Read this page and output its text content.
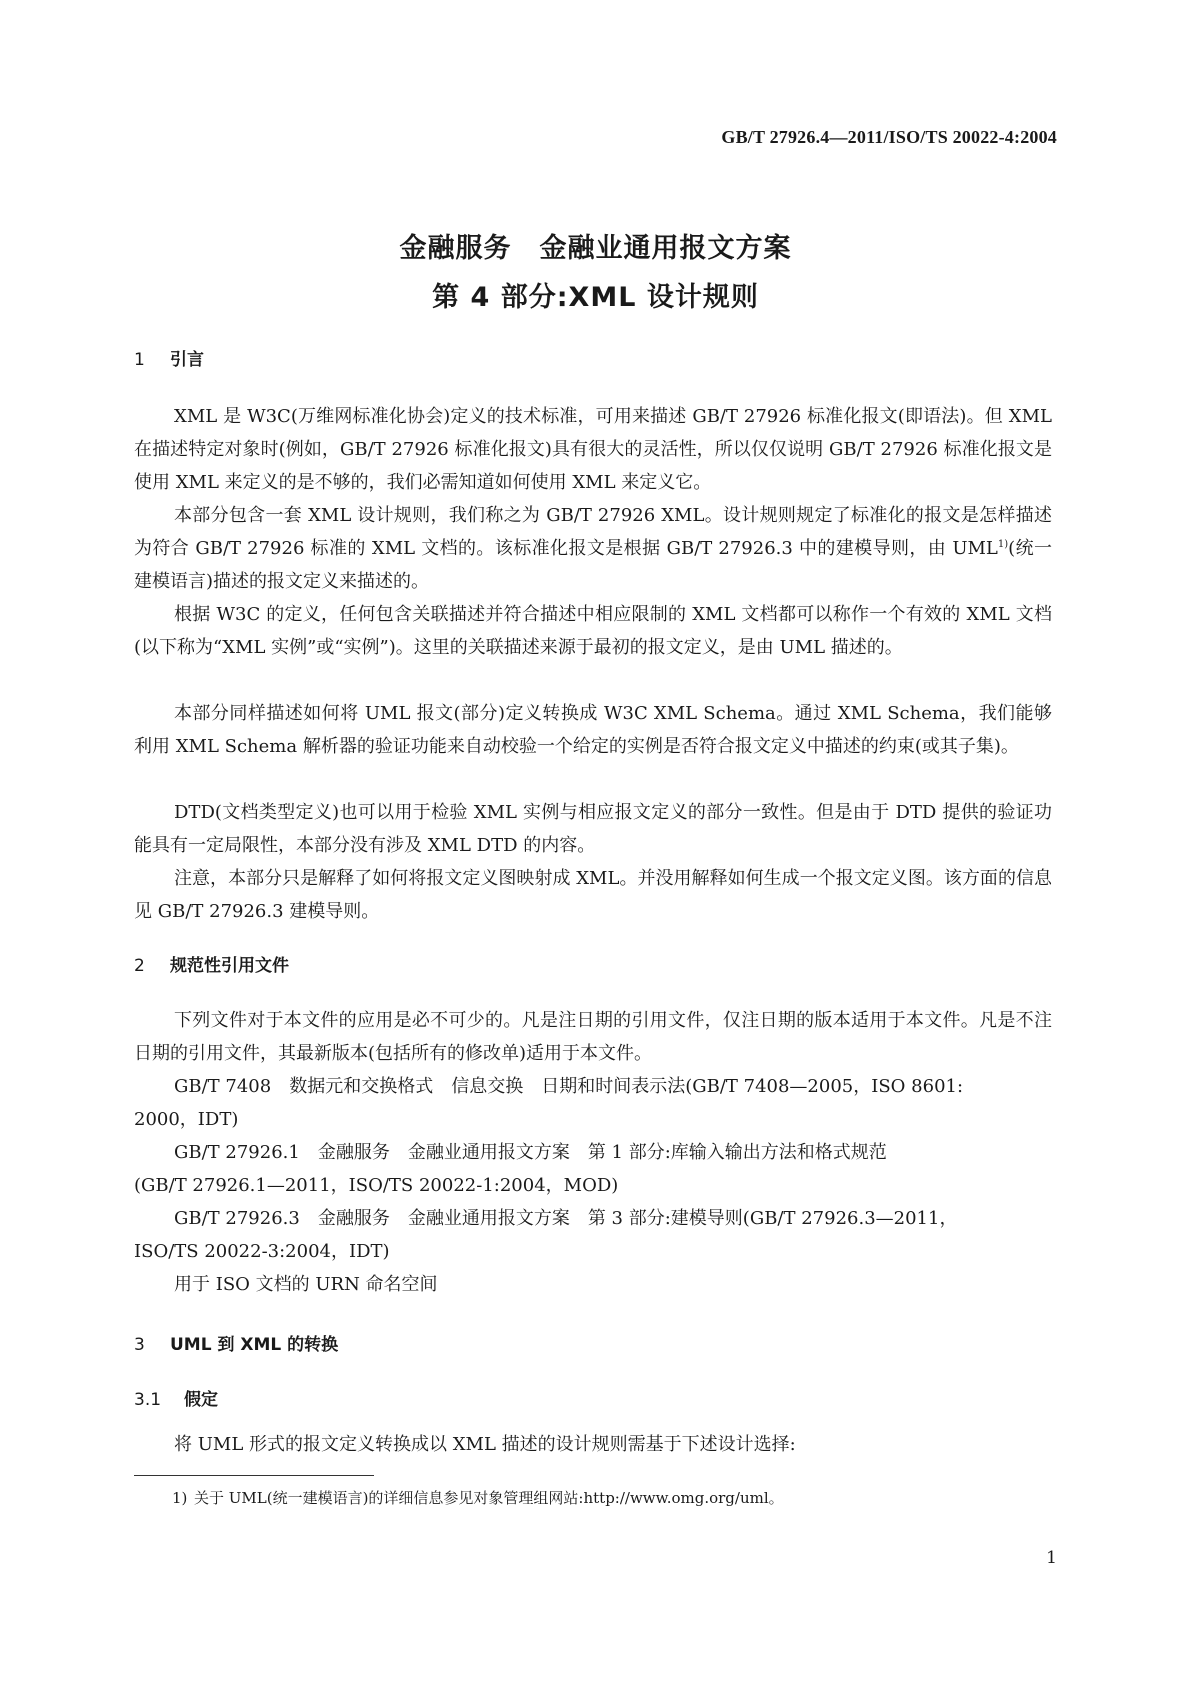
GB/T 27926.4—2011/ISO/TS 20022-4:2004
金融服务　金融业通用报文方案
第 4 部分:XML 设计规则
1 引言
XML 是 W3C(万维网标准化协会)定义的技术标准，可用来描述 GB/T 27926 标准化报文(即语法)。但 XML 在描述特定对象时(例如，GB/T 27926 标准化报文)具有很大的灵活性，所以仅仅说明 GB/T 27926 标准化报文是使用 XML 来定义的是不够的，我们必需知道如何使用 XML 来定义它。
本部分包含一套 XML 设计规则，我们称之为 GB/T 27926 XML。设计规则规定了标准化的报文是怎样描述为符合 GB/T 27926 标准的 XML 文档的。该标准化报文是根据 GB/T 27926.3 中的建模导则，由 UML$^{1)}$(统一建模语言)描述的报文定义来描述的。
根据 W3C 的定义，任何包含关联描述并符合描述中相应限制的 XML 文档都可以称作一个有效的 XML 文档(以下称为“XML 实例”或“实例”)。这里的关联描述来源于最初的报文定义，是由 UML 描述的。
本部分同样描述如何将 UML 报文(部分)定义转换成 W3C XML Schema。通过 XML Schema，我们能够利用 XML Schema 解析器的验证功能来自动校验一个给定的实例是否符合报文定义中描述的约束(或其子集)。
DTD(文档类型定义)也可以用于检验 XML 实例与相应报文定义的部分一致性。但是由于 DTD 提供的验证功能具有一定局限性，本部分没有涉及 XML DTD 的内容。
注意，本部分只是解释了如何将报文定义图映射成 XML。并没用解释如何生成一个报文定义图。该方面的信息见 GB/T 27926.3 建模导则。
2 规范性引用文件
下列文件对于本文件的应用是必不可少的。凡是注日期的引用文件，仅注日期的版本适用于本文件。凡是不注日期的引用文件，其最新版本(包括所有的修改单)适用于本文件。
GB/T 7408　数据元和交换格式　信息交换　日期和时间表示法(GB/T 7408—2005，ISO 8601:
2000，IDT)
GB/T 27926.1　金融服务　金融业通用报文方案　第 1 部分:库输入输出方法和格式规范
(GB/T 27926.1—2011，ISO/TS 20022-1:2004，MOD)
GB/T 27926.3　金融服务　金融业通用报文方案　第 3 部分:建模导则(GB/T 27926.3—2011，
ISO/TS 20022-3:2004，IDT)
用于 ISO 文档的 URN 命名空间
3 UML 到 XML 的转换
3.1 假定
将 UML 形式的报文定义转换成以 XML 描述的设计规则需基于下述设计选择:
1) 关于 UML(统一建模语言)的详细信息参见对象管理组网站:http://www.omg.org/uml。
1
